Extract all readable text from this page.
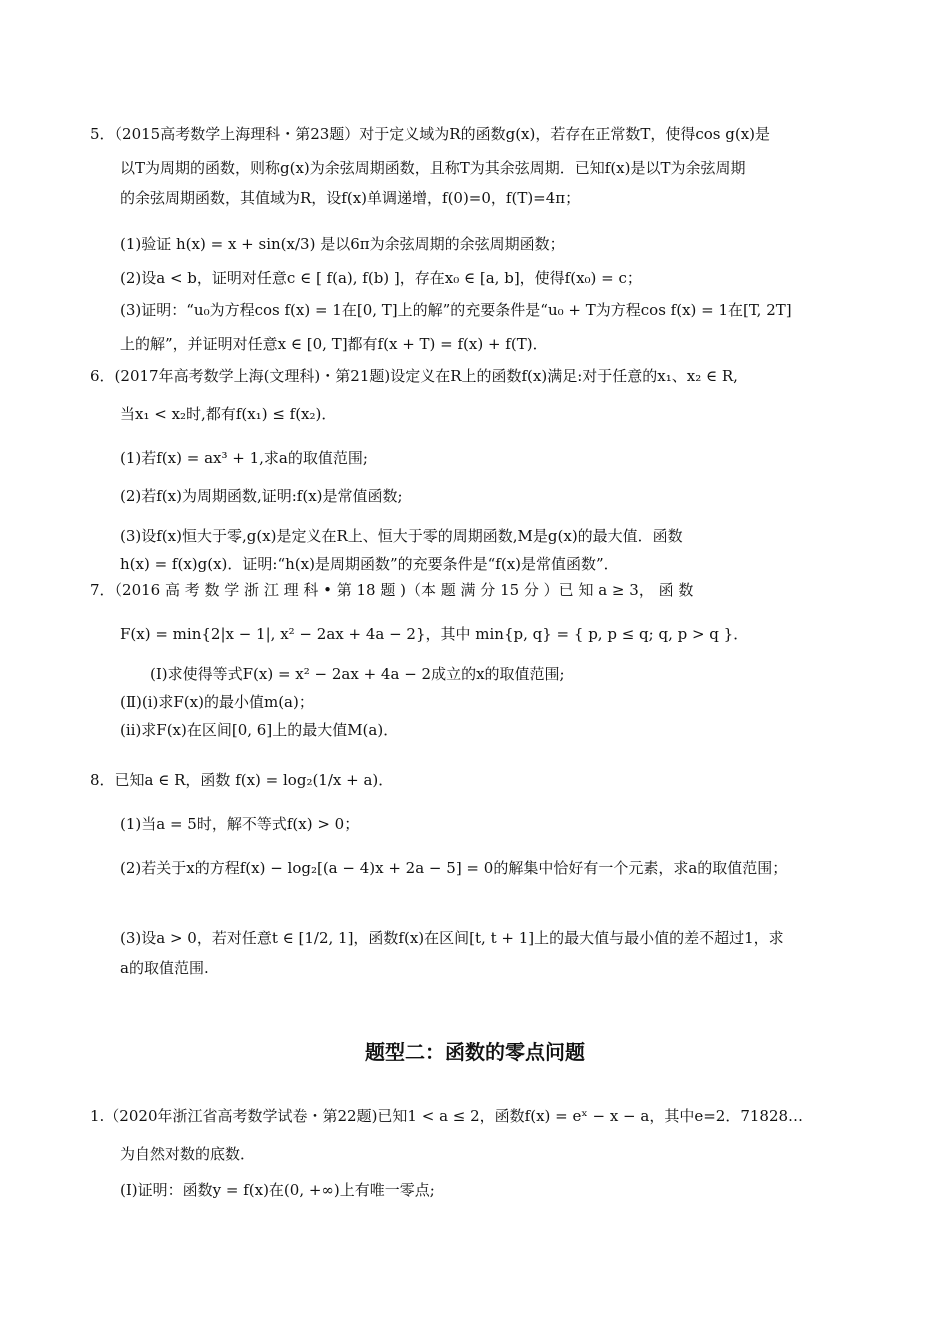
5．（2015高考数学上海理科・第23题）对于定义域为R的函数g(x)，若存在正常数T，使得cos g(x)是
以T为周期的函数，则称g(x)为余弦周期函数，且称T为其余弦周期．已知f(x)是以T为余弦周期
的余弦周期函数，其值域为R，设f(x)单调递增，f(0)=0，f(T)=4π；
(1)验证 h(x) = x + sin(x/3) 是以6π为余弦周期的余弦周期函数；
(2)设a < b，证明对任意c ∈ [ f(a), f(b) ]，存在x₀ ∈ [a, b]，使得f(x₀) = c；
(3)证明：“u₀为方程cos f(x) = 1在[0, T]上的解”的充要条件是“u₀ + T为方程cos f(x) = 1在[T, 2T]
上的解”，并证明对任意x ∈ [0, T]都有f(x + T) = f(x) + f(T)．
6．(2017年高考数学上海(文理科)・第21题)设定义在R上的函数f(x)满足:对于任意的x₁、x₂ ∈ R,
当x₁ < x₂时,都有f(x₁) ≤ f(x₂)．
(1)若f(x) = ax³ + 1,求a的取值范围;
(2)若f(x)为周期函数,证明:f(x)是常值函数;
(3)设f(x)恒大于零,g(x)是定义在R上、恒大于零的周期函数,M是g(x)的最大值．函数
h(x) = f(x)g(x)．证明:“h(x)是周期函数”的充要条件是“f(x)是常值函数”．
7．（2016 高 考 数 学 浙 江 理 科 • 第 18 题 )（本 题 满 分 15 分 ）已 知 a ≥ 3， 函 数
F(x) = min{2|x − 1|, x² − 2ax + 4a − 2}，其中 min{p, q} = { p, p ≤ q; q, p > q }．
(Ⅰ)求使得等式F(x) = x² − 2ax + 4a − 2成立的x的取值范围;
(Ⅱ)(ⅰ)求F(x)的最小值m(a)；
(ⅱ)求F(x)在区间[0, 6]上的最大值M(a)．
8．已知a ∈ R，函数 f(x) = log₂(1/x + a)．
(1)当a = 5时，解不等式f(x) > 0；
(2)若关于x的方程f(x) − log₂[(a − 4)x + 2a − 5] = 0的解集中恰好有一个元素，求a的取值范围；
(3)设a > 0，若对任意t ∈ [1/2, 1]，函数f(x)在区间[t, t + 1]上的最大值与最小值的差不超过1，求
a的取值范围.
题型二：函数的零点问题
1.（2020年浙江省高考数学试卷・第22题)已知1 < a ≤ 2，函数f(x) = eˣ − x − a，其中e=2．71828…
为自然对数的底数．
(Ⅰ)证明：函数y = f(x)在(0, +∞)上有唯一零点;
